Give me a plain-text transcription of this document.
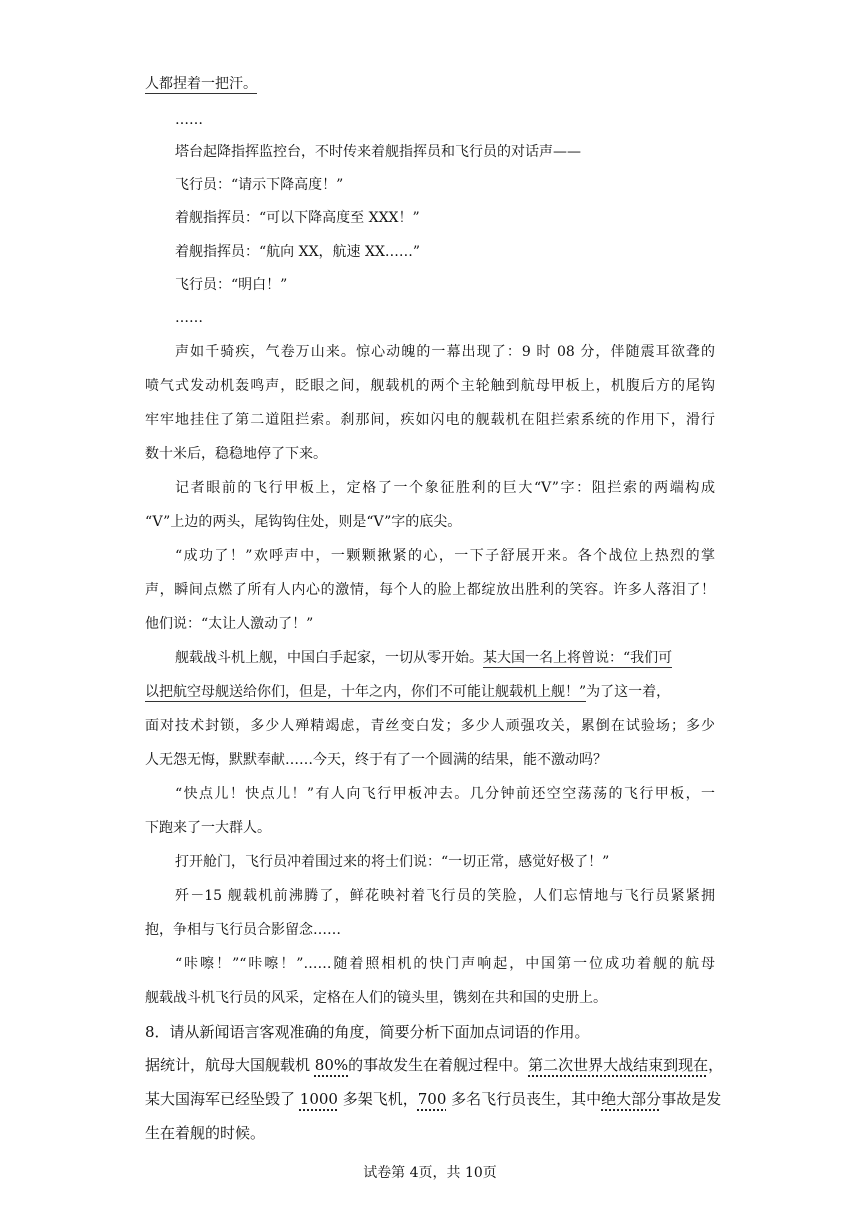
人都捏着一把汗。
……
塔台起降指挥监控台，不时传来着舰指挥员和飞行员的对话声——
飞行员：“请示下降高度！”
着舰指挥员：“可以下降高度至 XXX！”
着舰指挥员：“航向 XX，航速 XX……”
飞行员：“明白！”
……
声如千骑疾，气卷万山来。惊心动魄的一幕出现了：9 时 08 分，伴随震耳欲聋的
喷气式发动机轰鸣声，眨眼之间，舰载机的两个主轮触到航母甲板上，机腹后方的尾钩
牢牢地挂住了第二道阻拦索。刹那间，疾如闪电的舰载机在阻拦索系统的作用下，滑行
数十米后，稳稳地停了下来。
记者眼前的飞行甲板上，定格了一个象征胜利的巨大“V”字：阻拦索的两端构成
“V”上边的两头，尾钩钩住处，则是“V”字的底尖。
“成功了！”欢呼声中，一颗颗揪紧的心，一下子舒展开来。各个战位上热烈的掌
声，瞬间点燃了所有人内心的激情，每个人的脸上都绽放出胜利的笑容。许多人落泪了！
他们说：“太让人激动了！”
舰载战斗机上舰，中国白手起家，一切从零开始。某大国一名上将曾说：“我们可
以把航空母舰送给你们，但是，十年之内，你们不可能让舰载机上舰！”为了这一着，
面对技术封锁，多少人殚精竭虑，青丝变白发；多少人顽强攻关，累倒在试验场；多少
人无怨无悔，默默奉献……今天，终于有了一个圆满的结果，能不激动吗？
“快点儿！快点儿！”有人向飞行甲板冲去。几分钟前还空空荡荡的飞行甲板，一
下跑来了一大群人。
打开舱门，飞行员冲着围过来的将士们说：“一切正常，感觉好极了！”
歼－15 舰载机前沸腾了，鲜花映衬着飞行员的笑脸，人们忘情地与飞行员紧紧拥
抱，争相与飞行员合影留念……
“咔嚓！”“咔嚓！”……随着照相机的快门声响起，中国第一位成功着舰的航母
舰载战斗机飞行员的风采，定格在人们的镜头里，镌刻在共和国的史册上。
8．请从新闻语言客观准确的角度，简要分析下面加点词语的作用。
据统计，航母大国舰载机 80%的事故发生在着舰过程中。第二次世界大战结束到现在，
某大国海军已经坠毁了 1000 多架飞机，700 多名飞行员丧生，其中绝大部分事故是发
生在着舰的时候。
试卷第 4页，共 10页
